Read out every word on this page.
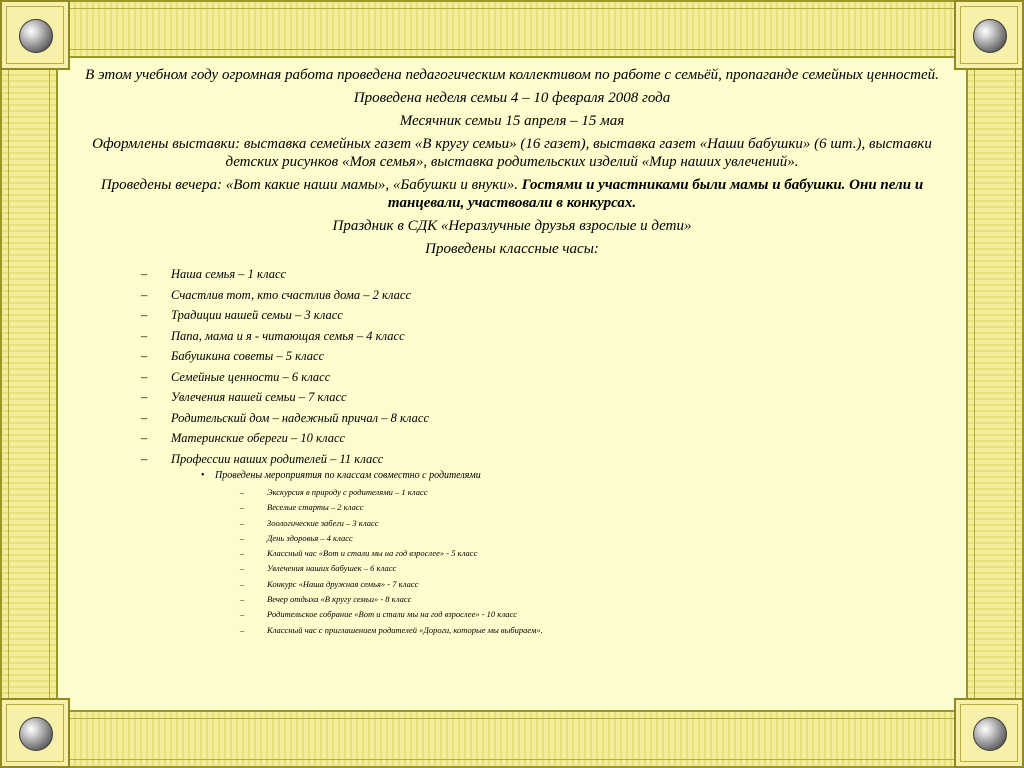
В этом учебном году огромная работа проведена педагогическим коллективом по работе с семьёй, пропаганде семейных ценностей.

Проведена неделя семьи 4 – 10 февраля 2008 года

Месячник семьи 15 апреля – 15 мая

Оформлены выставки: выставка семейных газет «В кругу семьи» (16 газет), выставка газет «Наши бабушки» (6 шт.), выставки детских рисунков «Моя семья», выставка родительских изделий «Мир наших увлечений».

Проведены вечера: «Вот какие наши мамы», «Бабушки и внуки». Гостями и участниками были мамы и бабушки. Они пели и танцевали, участвовали в конкурсах.

Праздник в СДК «Неразлучные друзья взрослые и дети»

Проведены классные часы:

– Наша семья – 1 класс
– Счастлив тот, кто счастлив дома – 2 класс
– Традиции нашей семьи – 3 класс
– Папа, мама и я - читающая семья – 4 класс
– Бабушкина советы – 5 класс
– Семейные ценности – 6 класс
– Увлечения нашей семьи – 7 класс
– Родительский дом – надежный причал – 8 класс
– Материнские обереги – 10 класс
– Профессии наших родителей – 11 класс
• Проведены мероприятия по классам совместно с родителями
–	Экскурсия в природу с родителями – 1 класс
–	Веселые старты – 2 класс
–	Зоологические забеги – 3 класс
–	День здоровья – 4 класс
–	Классный час «Вот и стали мы на год взрослее» - 5 класс
–	Увлечения наших бабушек – 6 класс
–	Конкурс «Наша дружная семья» - 7 класс
–	Вечер отдыха «В кругу семьи» - 8 класс
–	Родительское собрание «Вот и стали мы на год взрослее» - 10 класс
–	Классный час с приглашением родителей «Дороги, которые мы выбираем».
